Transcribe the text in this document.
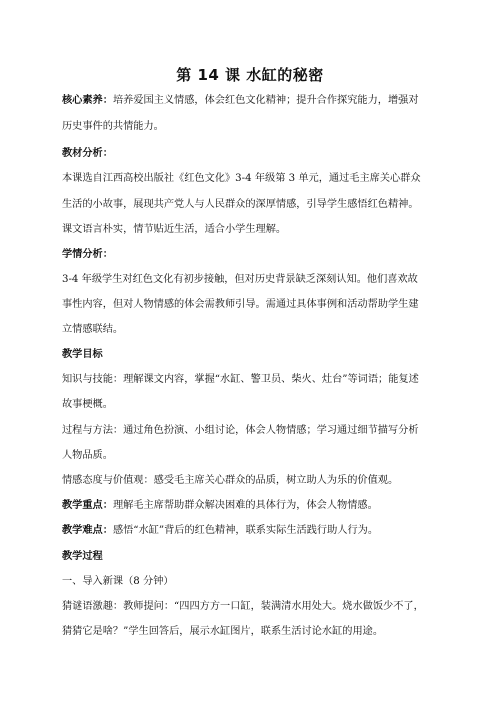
第 14 课 水缸的秘密
核心素养：培养爱国主义情感，体会红色文化精神；提升合作探究能力，增强对
历史事件的共情能力。
教材分析：
本课选自江西高校出版社《红色文化》3-4 年级第 3 单元，通过毛主席关心群众
生活的小故事，展现共产党人与人民群众的深厚情感，引导学生感悟红色精神。
课文语言朴实，情节贴近生活，适合小学生理解。
学情分析：
3-4 年级学生对红色文化有初步接触，但对历史背景缺乏深刻认知。他们喜欢故
事性内容，但对人物情感的体会需教师引导。需通过具体事例和活动帮助学生建
立情感联结。
教学目标
知识与技能：理解课文内容，掌握“水缸、警卫员、柴火、灶台”等词语；能复述
故事梗概。
过程与方法：通过角色扮演、小组讨论，体会人物情感；学习通过细节描写分析
人物品质。
情感态度与价值观：感受毛主席关心群众的品质，树立助人为乐的价值观。
教学重点：理解毛主席帮助群众解决困难的具体行为，体会人物情感。
教学难点：感悟“水缸”背后的红色精神，联系实际生活践行助人行为。
教学过程
一、导入新课（8 分钟）
猜谜语激趣：教师提问：“四四方方一口缸，装满清水用处大。烧水做饭少不了，
猜猜它是啥？”学生回答后，展示水缸图片，联系生活讨论水缸的用途。
